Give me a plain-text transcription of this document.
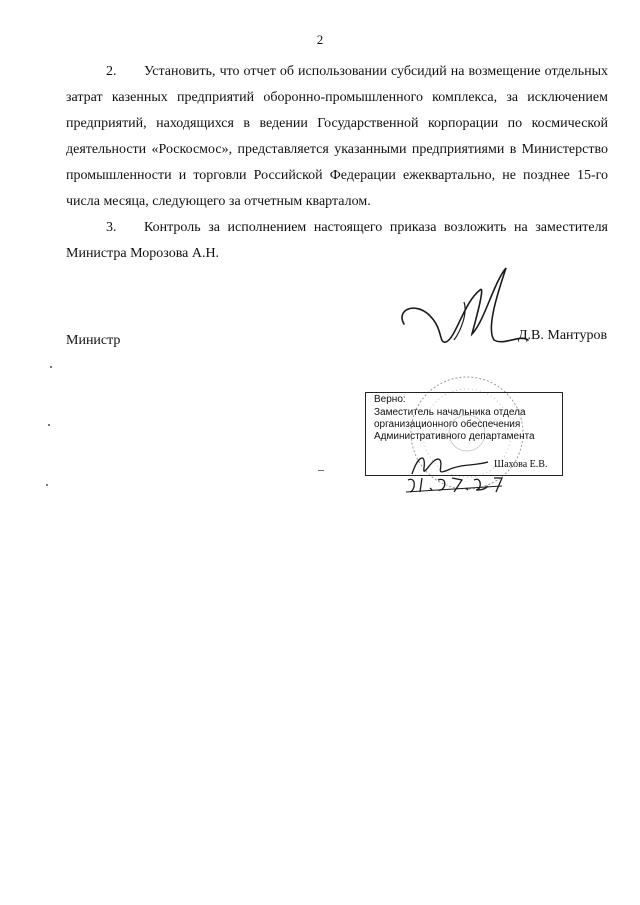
2

2. Установить, что отчет об использовании субсидий на возмещение отдельных затрат казенных предприятий оборонно-промышленного комплекса, за исключением предприятий, находящихся в ведении Государственной корпорации по космической деятельности «Роскосмос», представляется указанными предприятиями в Министерство промышленности и торговли Российской Федерации ежеквартально, не позднее 15-го числа месяца, следующего за отчетным кварталом.

3. Контроль за исполнением настоящего приказа возложить на заместителя Министра Морозова А.Н.

Министр	Д.В. Мантуров
Верно:
Заместитель начальника отдела
организационного обеспечения
Административного департамента
Шахова Е.В.
